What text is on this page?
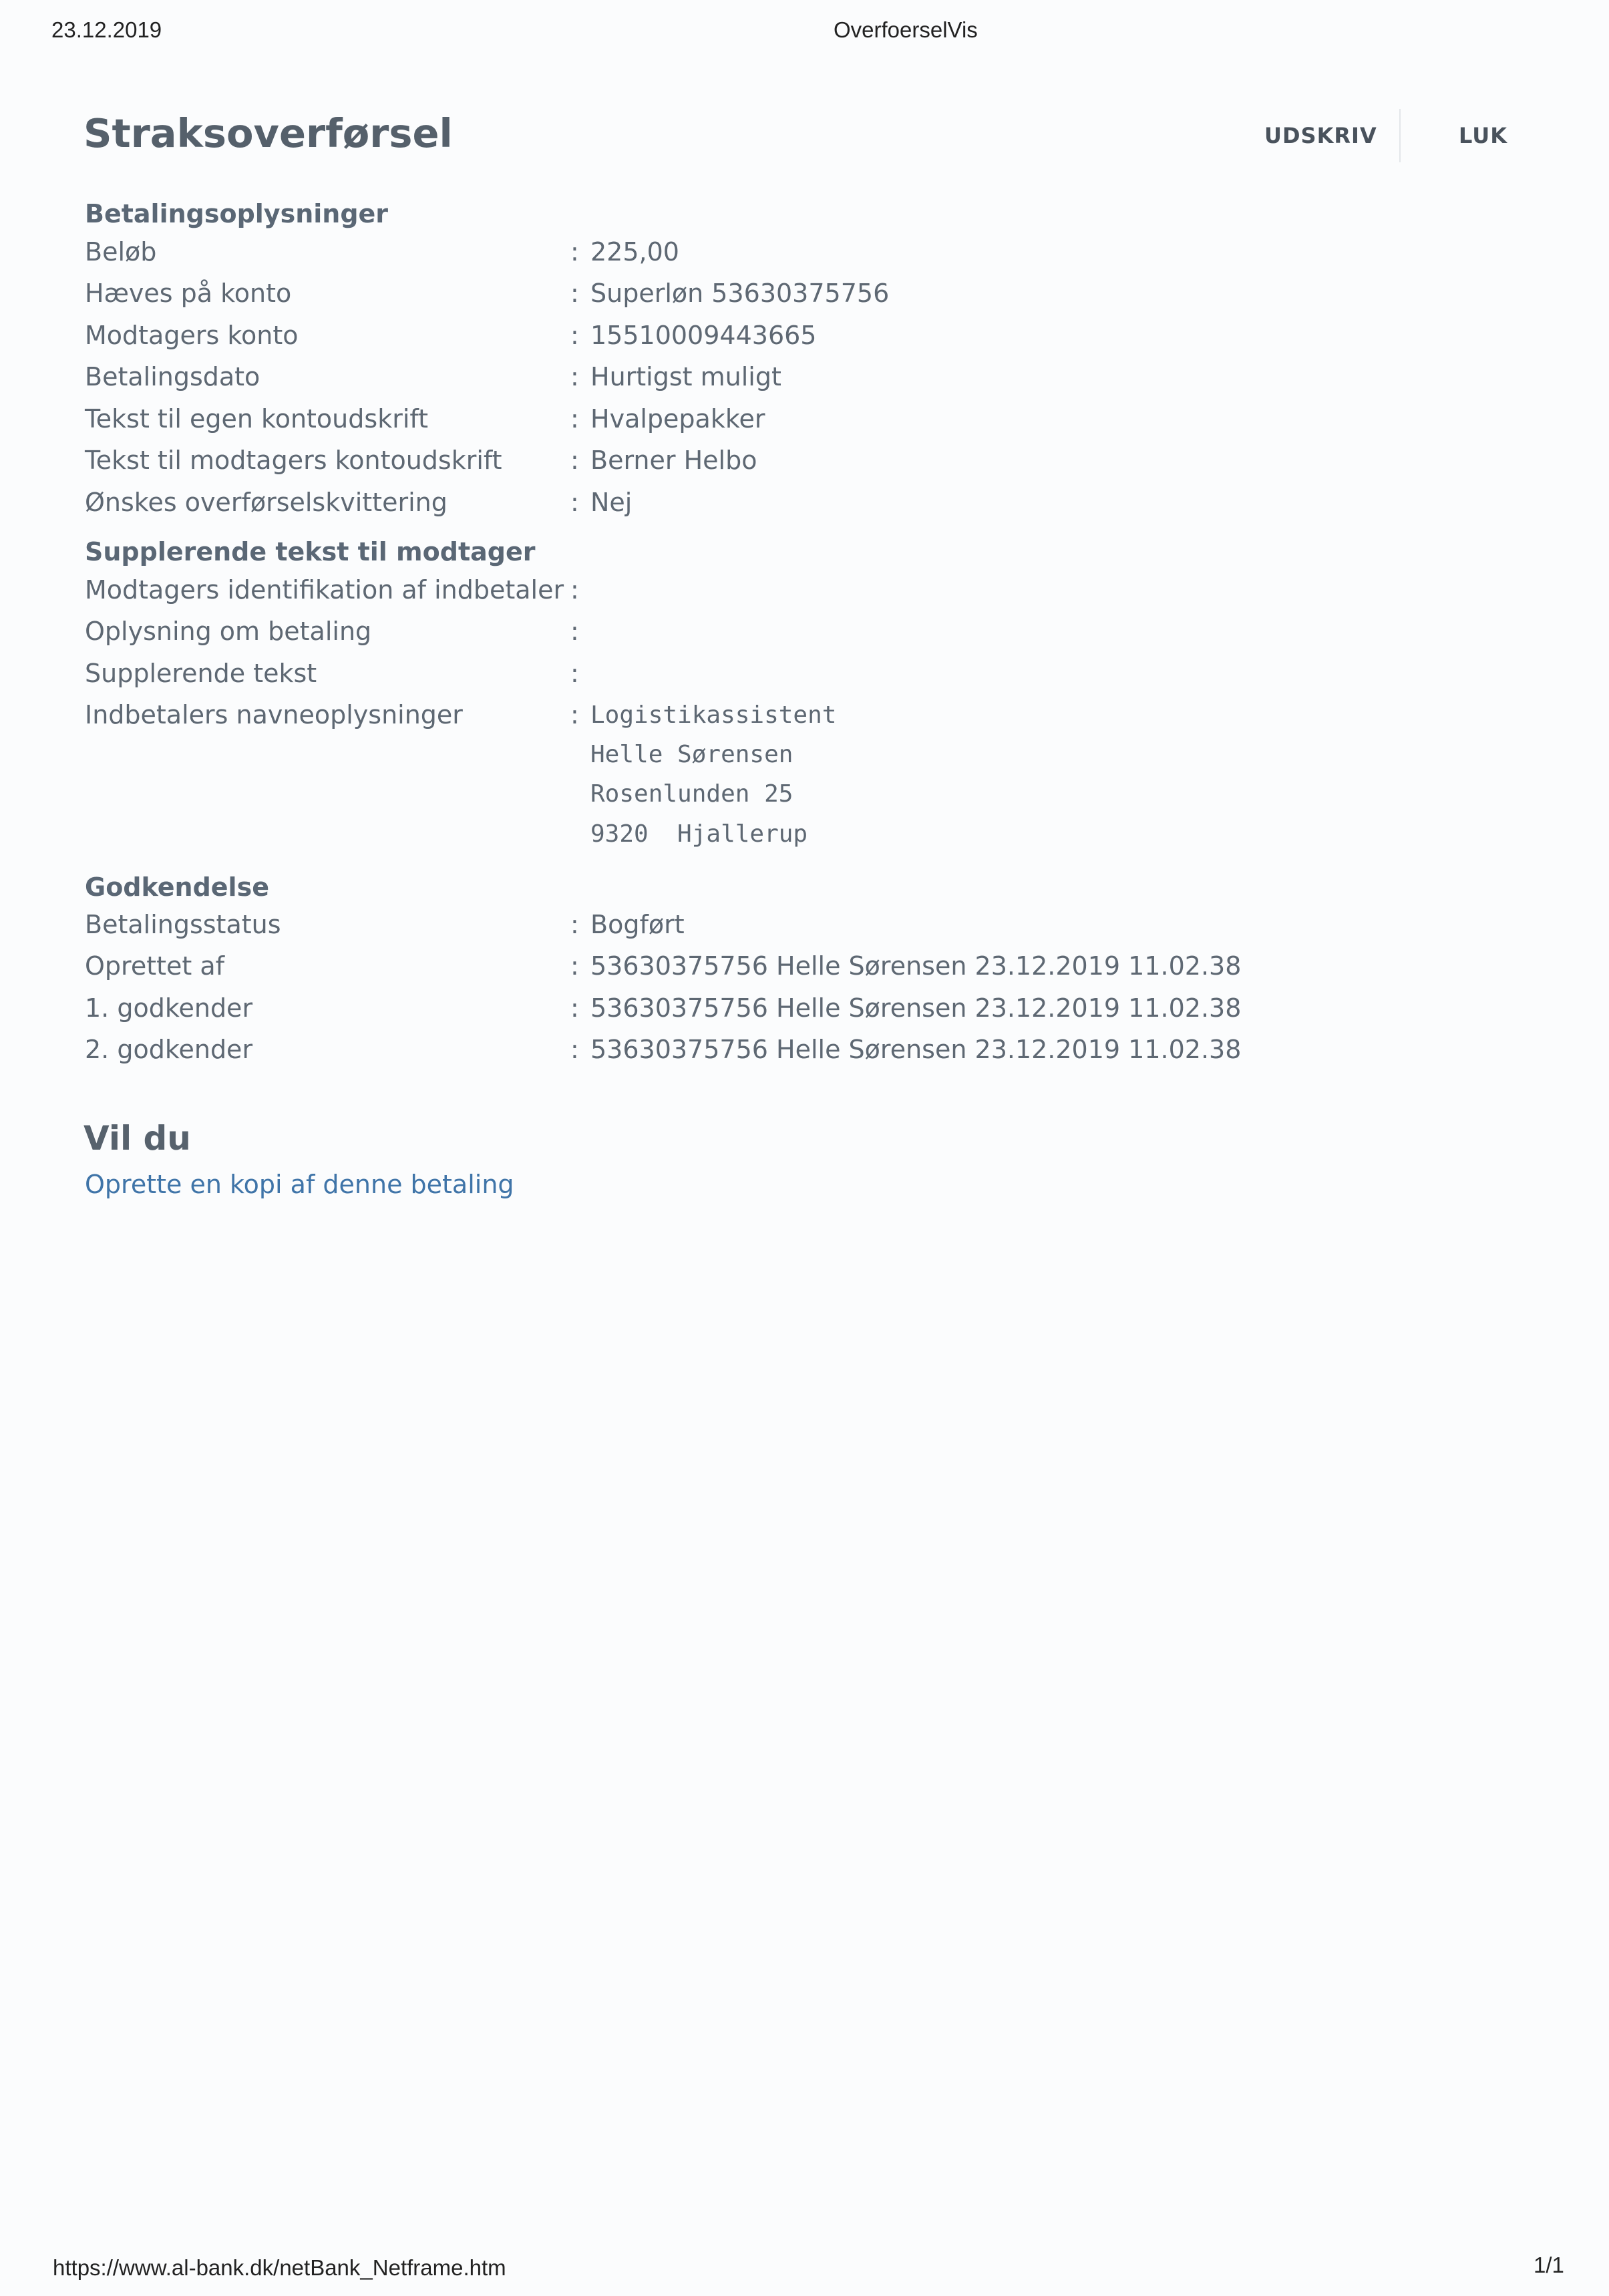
23.12.2019	OverfoerselVis
Straksoverførsel	UDSKRIV	LUK
Betalingsoplysninger
Beløb	: 225,00
Hæves på konto	: Superløn 53630375756
Modtagers konto	: 15510009443665
Betalingsdato	: Hurtigst muligt
Tekst til egen kontoudskrift	: Hvalpepakker
Tekst til modtagers kontoudskrift	: Berner Helbo
Ønskes overførselskvittering	: Nej
Supplerende tekst til modtager
Modtagers identifikation af indbetaler :
Oplysning om betaling	:
Supplerende tekst	:
Indbetalers navneoplysninger	: Logistikassistent
Helle Sørensen
Rosenlunden 25
9320  Hjallerup
Godkendelse
Betalingsstatus	: Bogført
Oprettet af	: 53630375756 Helle Sørensen 23.12.2019 11.02.38
1. godkender	: 53630375756 Helle Sørensen 23.12.2019 11.02.38
2. godkender	: 53630375756 Helle Sørensen 23.12.2019 11.02.38
Vil du
Oprette en kopi af denne betaling
https://www.al-bank.dk/netBank_Netframe.htm	1/1
